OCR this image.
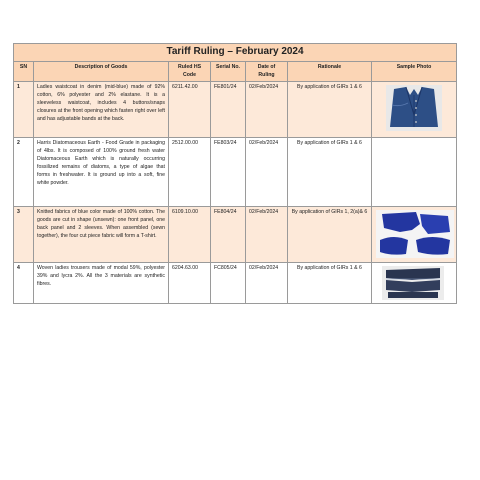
Tariff Ruling – February 2024						
SN	Description of Goods	Ruled HS Code	Serial No.	Date of Ruling	Rationale	Sample Photo
1	Ladies waistcoat in denim (mid-blue) made of 92% cotton, 6% polyester and 2% elastane. It is a sleeveless waistcoat, includes 4 buttons/snaps closures at the front opening which fasten right over left and has adjustable bands at the back.	6211.42.00	FE801/24	02/Feb/2024	By application of GIRs 1 & 6	

2	Harris Diatomaceous Earth - Food Grade in packaging of 4lbs. It is composed of 100% ground fresh water Diatomaceous Earth which is naturally occurring fossilized remains of diatoms, a type of algae that forms in freshwater. It is ground up into a soft, fine white powder.	2512.00.00	FE803/24	02/Feb/2024	By application of GIRs 1 & 6	
3	Knitted fabrics of blue color made of 100% cotton. The goods are cut in shape (unsewn): one front panel, one back panel and 2 sleeves. When assembled (sewn together), the four cut piece fabric will form a T-shirt.	6109.10.00	FE804/24	02/Feb/2024	By application of GIRs 1, 2(a)& 6	

4	Woven ladies trousers made of modal 59%, polyester 39% and lycra 2%. All the 3 materials are synthetic fibres.	6204.63.00	FC805/24	02/Feb/2024	By application of GIRs 1 & 6	
